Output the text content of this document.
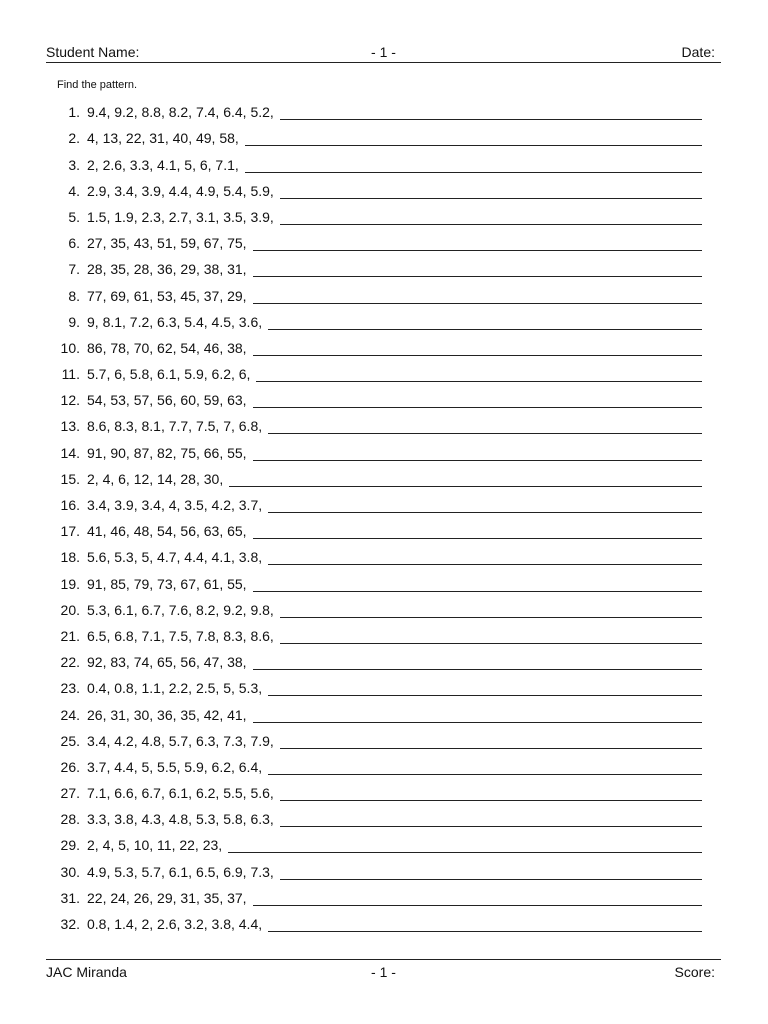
Student Name:	- 1 -	Date:
Find the pattern.
1. 9.4, 9.2, 8.8, 8.2, 7.4, 6.4, 5.2,
2. 4, 13, 22, 31, 40, 49, 58,
3. 2, 2.6, 3.3, 4.1, 5, 6, 7.1,
4. 2.9, 3.4, 3.9, 4.4, 4.9, 5.4, 5.9,
5. 1.5, 1.9, 2.3, 2.7, 3.1, 3.5, 3.9,
6. 27, 35, 43, 51, 59, 67, 75,
7. 28, 35, 28, 36, 29, 38, 31,
8. 77, 69, 61, 53, 45, 37, 29,
9. 9, 8.1, 7.2, 6.3, 5.4, 4.5, 3.6,
10. 86, 78, 70, 62, 54, 46, 38,
11. 5.7, 6, 5.8, 6.1, 5.9, 6.2, 6,
12. 54, 53, 57, 56, 60, 59, 63,
13. 8.6, 8.3, 8.1, 7.7, 7.5, 7, 6.8,
14. 91, 90, 87, 82, 75, 66, 55,
15. 2, 4, 6, 12, 14, 28, 30,
16. 3.4, 3.9, 3.4, 4, 3.5, 4.2, 3.7,
17. 41, 46, 48, 54, 56, 63, 65,
18. 5.6, 5.3, 5, 4.7, 4.4, 4.1, 3.8,
19. 91, 85, 79, 73, 67, 61, 55,
20. 5.3, 6.1, 6.7, 7.6, 8.2, 9.2, 9.8,
21. 6.5, 6.8, 7.1, 7.5, 7.8, 8.3, 8.6,
22. 92, 83, 74, 65, 56, 47, 38,
23. 0.4, 0.8, 1.1, 2.2, 2.5, 5, 5.3,
24. 26, 31, 30, 36, 35, 42, 41,
25. 3.4, 4.2, 4.8, 5.7, 6.3, 7.3, 7.9,
26. 3.7, 4.4, 5, 5.5, 5.9, 6.2, 6.4,
27. 7.1, 6.6, 6.7, 6.1, 6.2, 5.5, 5.6,
28. 3.3, 3.8, 4.3, 4.8, 5.3, 5.8, 6.3,
29. 2, 4, 5, 10, 11, 22, 23,
30. 4.9, 5.3, 5.7, 6.1, 6.5, 6.9, 7.3,
31. 22, 24, 26, 29, 31, 35, 37,
32. 0.8, 1.4, 2, 2.6, 3.2, 3.8, 4.4,
JAC Miranda	- 1 -	Score:
